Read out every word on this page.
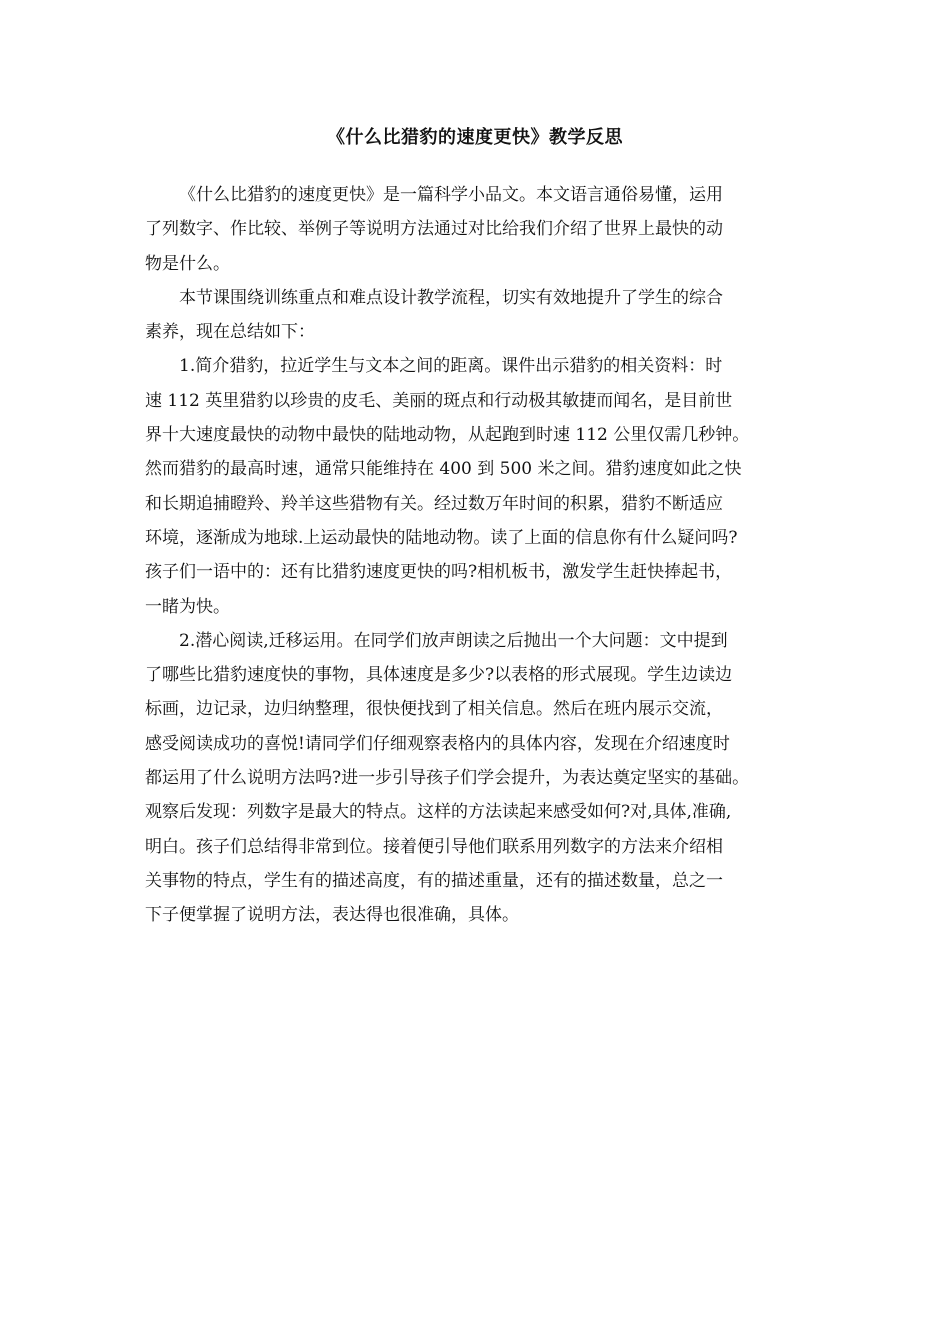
《什么比猎豹的速度更快》教学反思

《什么比猎豹的速度更快》是一篇科学小品文。本文语言通俗易懂，运用
了列数字、作比较、举例子等说明方法通过对比给我们介绍了世界上最快的动
物是什么。

本节课围绕训练重点和难点设计教学流程，切实有效地提升了学生的综合
素养，现在总结如下：

1.简介猎豹，拉近学生与文本之间的距离。课件出示猎豹的相关资料：时
速 112 英里猎豹以珍贵的皮毛、美丽的斑点和行动极其敏捷而闻名，是目前世
界十大速度最快的动物中最快的陆地动物，从起跑到时速 112 公里仅需几秒钟。
然而猎豹的最高时速，通常只能维持在 400 到 500 米之间。猎豹速度如此之快
和长期追捕瞪羚、羚羊这些猎物有关。经过数万年时间的积累，猎豹不断适应
环境，逐渐成为地球.上运动最快的陆地动物。读了上面的信息你有什么疑问吗?
孩子们一语中的：还有比猎豹速度更快的吗?相机板书，激发学生赶快捧起书，
一睹为快。

2.潜心阅读,迁移运用。在同学们放声朗读之后抛出一个大问题：文中提到
了哪些比猎豹速度快的事物，具体速度是多少?以表格的形式展现。学生边读边
标画，边记录，边归纳整理，很快便找到了相关信息。然后在班内展示交流，
感受阅读成功的喜悦!请同学们仔细观察表格内的具体内容，发现在介绍速度时
都运用了什么说明方法吗?进一步引导孩子们学会提升，为表达奠定坚实的基础。
观察后发现：列数字是最大的特点。这样的方法读起来感受如何?对,具体,准确,
明白。孩子们总结得非常到位。接着便引导他们联系用列数字的方法来介绍相
关事物的特点，学生有的描述高度，有的描述重量，还有的描述数量，总之一
下子便掌握了说明方法，表达得也很准确，具体。
